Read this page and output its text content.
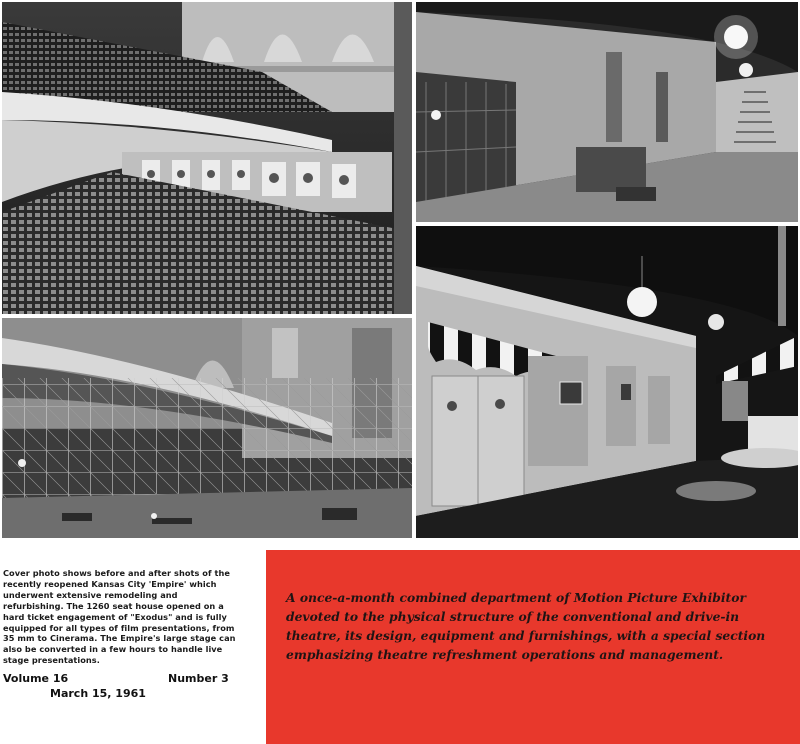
Cover photo shows before and after shots of the recently reopened Kansas City 'Empire' which underwent extensive remodeling and refurbishing. The 1260 seat house opened on a hard ticket engagement of "Exodus" and is fully equipped for all types of film presentations, from 35 mm to Cinerama. The Empire's large stage can also be converted in a few hours to handle live stage presentations.
Volume 16	Number 3
March 15, 1961
A once-a-month combined department of Motion Picture Exhibitor devoted to the physical structure of the conventional and drive-in theatre, its design, equipment and furnishings, with a special section emphasizing theatre refreshment operations and management.
